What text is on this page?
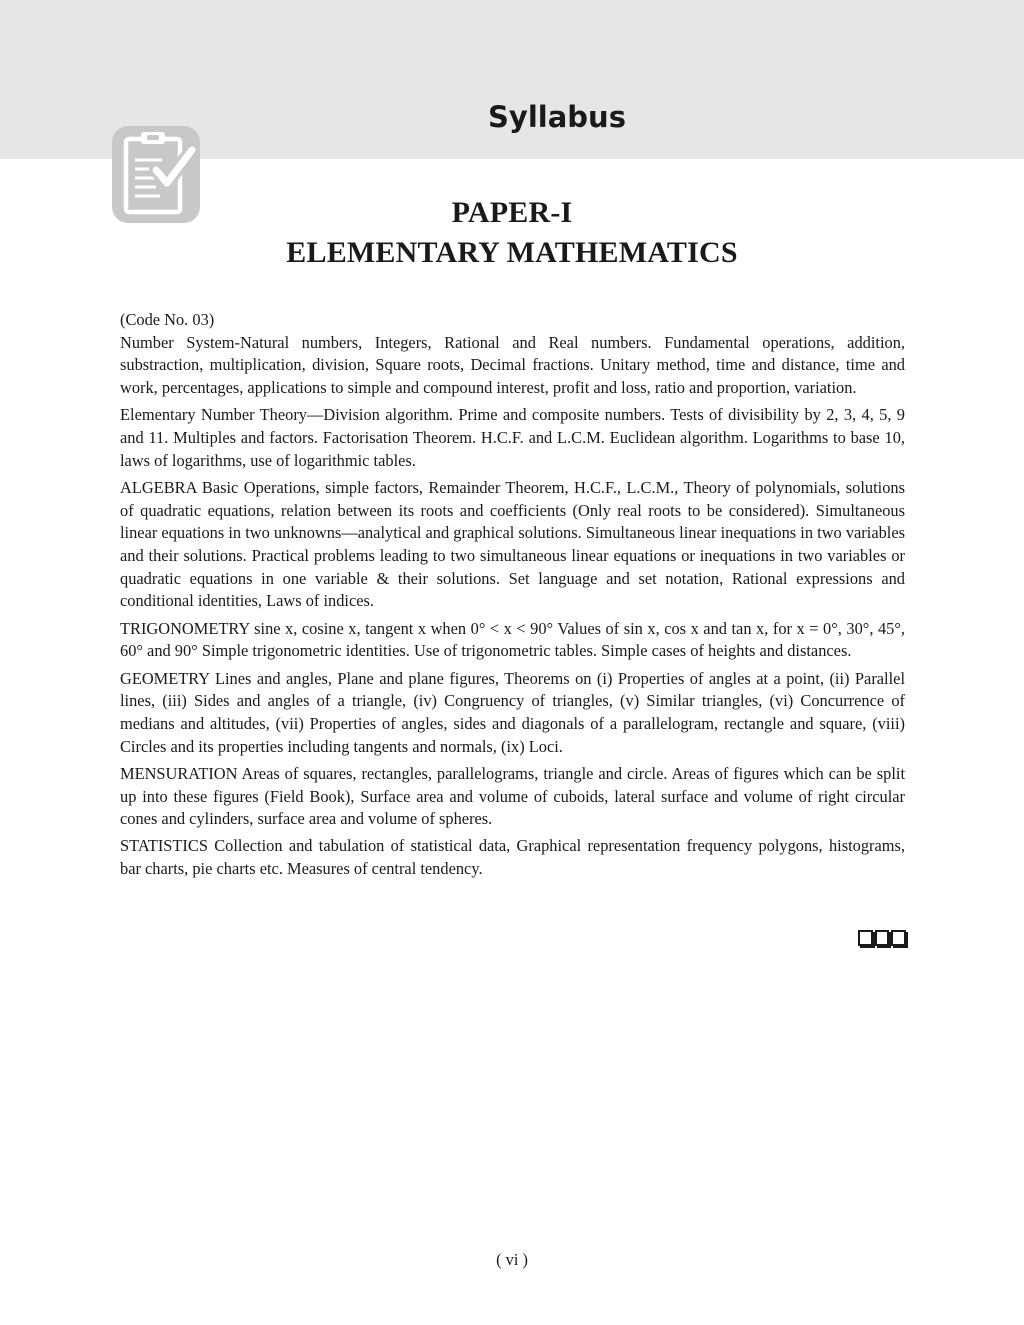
Syllabus
PAPER-I
ELEMENTARY MATHEMATICS

(Code No. 03)

Number System-Natural numbers, Integers, Rational and Real numbers. Fundamental operations, addition, substraction, multiplication, division, Square roots, Decimal fractions. Unitary method, time and distance, time and work, percentages, applications to simple and compound interest, profit and loss, ratio and proportion, variation.

Elementary Number Theory—Division algorithm. Prime and composite numbers. Tests of divisibility by 2, 3, 4, 5, 9 and 11. Multiples and factors. Factorisation Theorem. H.C.F. and L.C.M. Euclidean algorithm. Logarithms to base 10, laws of logarithms, use of logarithmic tables.

ALGEBRA Basic Operations, simple factors, Remainder Theorem, H.C.F., L.C.M., Theory of polynomials, solutions of quadratic equations, relation between its roots and coefficients (Only real roots to be considered). Simultaneous linear equations in two unknowns—analytical and graphical solutions. Simultaneous linear inequations in two variables and their solutions. Practical problems leading to two simultaneous linear equations or inequations in two variables or quadratic equations in one variable & their solutions. Set language and set notation, Rational expressions and conditional identities, Laws of indices.

TRIGONOMETRY sine x, cosine x, tangent x when 0° < x < 90° Values of sin x, cos x and tan x, for x = 0°, 30°, 45°, 60° and 90° Simple trigonometric identities. Use of trigonometric tables. Simple cases of heights and distances.

GEOMETRY Lines and angles, Plane and plane figures, Theorems on (i) Properties of angles at a point, (ii) Parallel lines, (iii) Sides and angles of a triangle, (iv) Congruency of triangles, (v) Similar triangles, (vi) Concurrence of medians and altitudes, (vii) Properties of angles, sides and diagonals of a parallelogram, rectangle and square, (viii) Circles and its properties including tangents and normals, (ix) Loci.

MENSURATION Areas of squares, rectangles, parallelograms, triangle and circle. Areas of figures which can be split up into these figures (Field Book), Surface area and volume of cuboids, lateral surface and volume of right circular cones and cylinders, surface area and volume of spheres.

STATISTICS Collection and tabulation of statistical data, Graphical representation frequency polygons, histograms, bar charts, pie charts etc. Measures of central tendency.

( vi )
